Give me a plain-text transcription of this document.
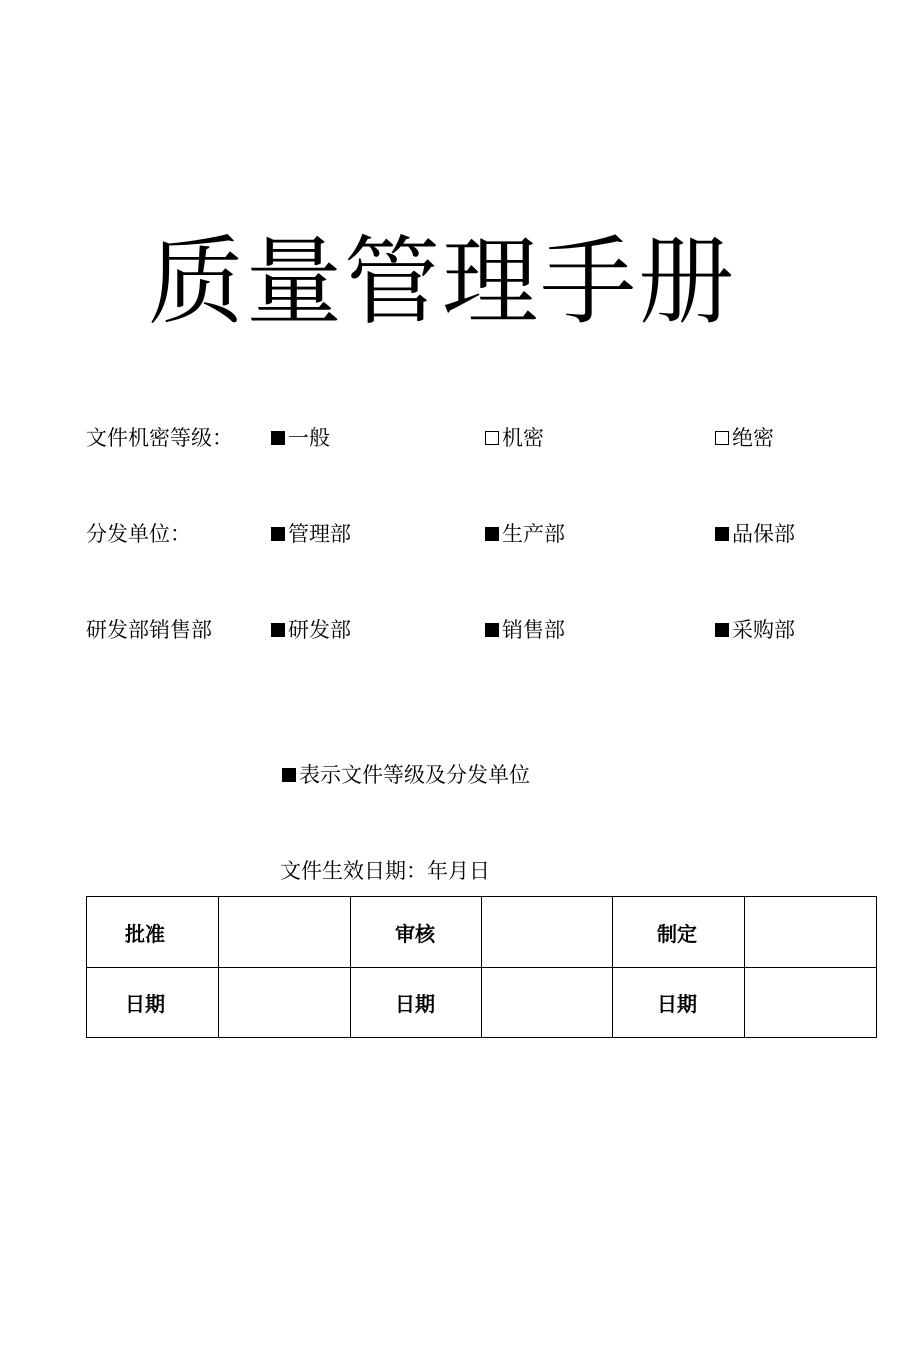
质量管理手册
文件机密等级：	一般	机密	绝密
分发单位：	管理部	生产部	品保部
研发部销售部	研发部	销售部	采购部
表示文件等级及分发单位
文件生效日期：年月日
批准		审核		制定	
日期		日期		日期	
